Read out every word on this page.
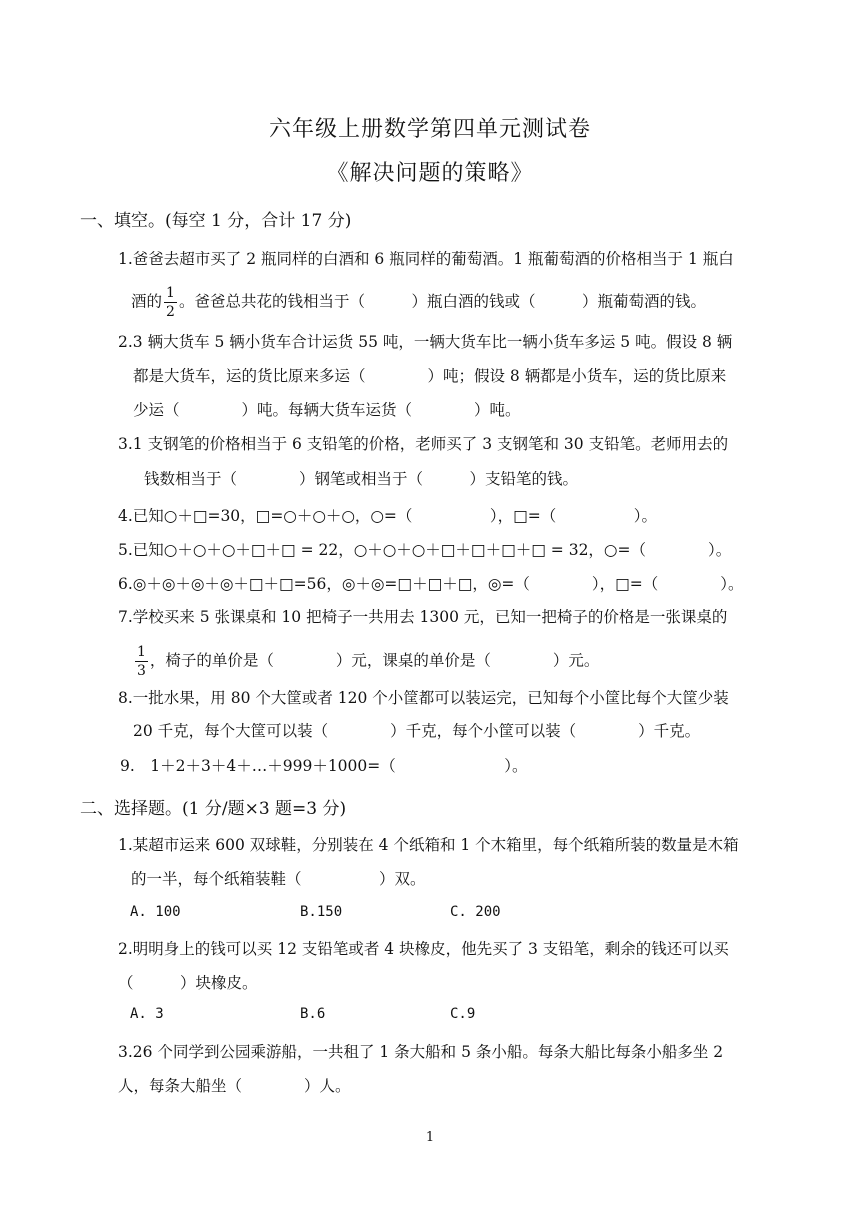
六年级上册数学第四单元测试卷
《解决问题的策略》
一、填空。(每空 1 分，合计 17 分)
1.爸爸去超市买了 2 瓶同样的白酒和 6 瓶同样的葡萄酒。1 瓶葡萄酒的价格相当于 1 瓶白
酒的 $\frac{1}{2}$ 。爸爸总共花的钱相当于（　　　）瓶白酒的钱或（　　　）瓶葡萄酒的钱。
2.3 辆大货车 5 辆小货车合计运货 55 吨，一辆大货车比一辆小货车多运 5 吨。假设 8 辆
都是大货车，运的货比原来多运（　　　　）吨；假设 8 辆都是小货车，运的货比原来
少运（　　　　）吨。每辆大货车运货（　　　　）吨。
3.1 支钢笔的价格相当于 6 支铅笔的价格，老师买了 3 支钢笔和 30 支铅笔。老师用去的
钱数相当于（　　　　）钢笔或相当于（　　　）支铅笔的钱。
4.已知○＋□=30，□=○＋○＋○，○=（　　　　　），□=（　　　　　）。
5.已知○＋○＋○＋□＋□ = 22，○＋○＋○＋□＋□＋□＋□ = 32，○=（　　　　）。
6.◎＋◎＋◎＋◎＋□＋□=56，◎＋◎=□＋□＋□，◎=（　　　　），□=（　　　　）。
7.学校买来 5 张课桌和 10 把椅子一共用去 1300 元，已知一把椅子的价格是一张课桌的
$\frac{1}{3}$ ，椅子的单价是（　　　　）元，课桌的单价是（　　　　）元。
8.一批水果，用 80 个大筐或者 120 个小筐都可以装运完，已知每个小筐比每个大筐少装
20 千克，每个大筐可以装（　　　　）千克，每个小筐可以装（　　　　）千克。
9.　1＋2＋3＋4＋…＋999＋1000=（　　　　　　　）。
二、选择题。(1 分/题×3 题=3 分)
1.某超市运来 600 双球鞋，分别装在 4 个纸箱和 1 个木箱里，每个纸箱所装的数量是木箱
的一半，每个纸箱装鞋（　　　　　）双。
A. 100	B.150	C. 200
2.明明身上的钱可以买 12 支铅笔或者 4 块橡皮，他先买了 3 支铅笔，剩余的钱还可以买
（　　　）块橡皮。
A. 3	B.6	C.9
3.26 个同学到公园乘游船，一共租了 1 条大船和 5 条小船。每条大船比每条小船多坐 2
人，每条大船坐（　　　　）人。
1
